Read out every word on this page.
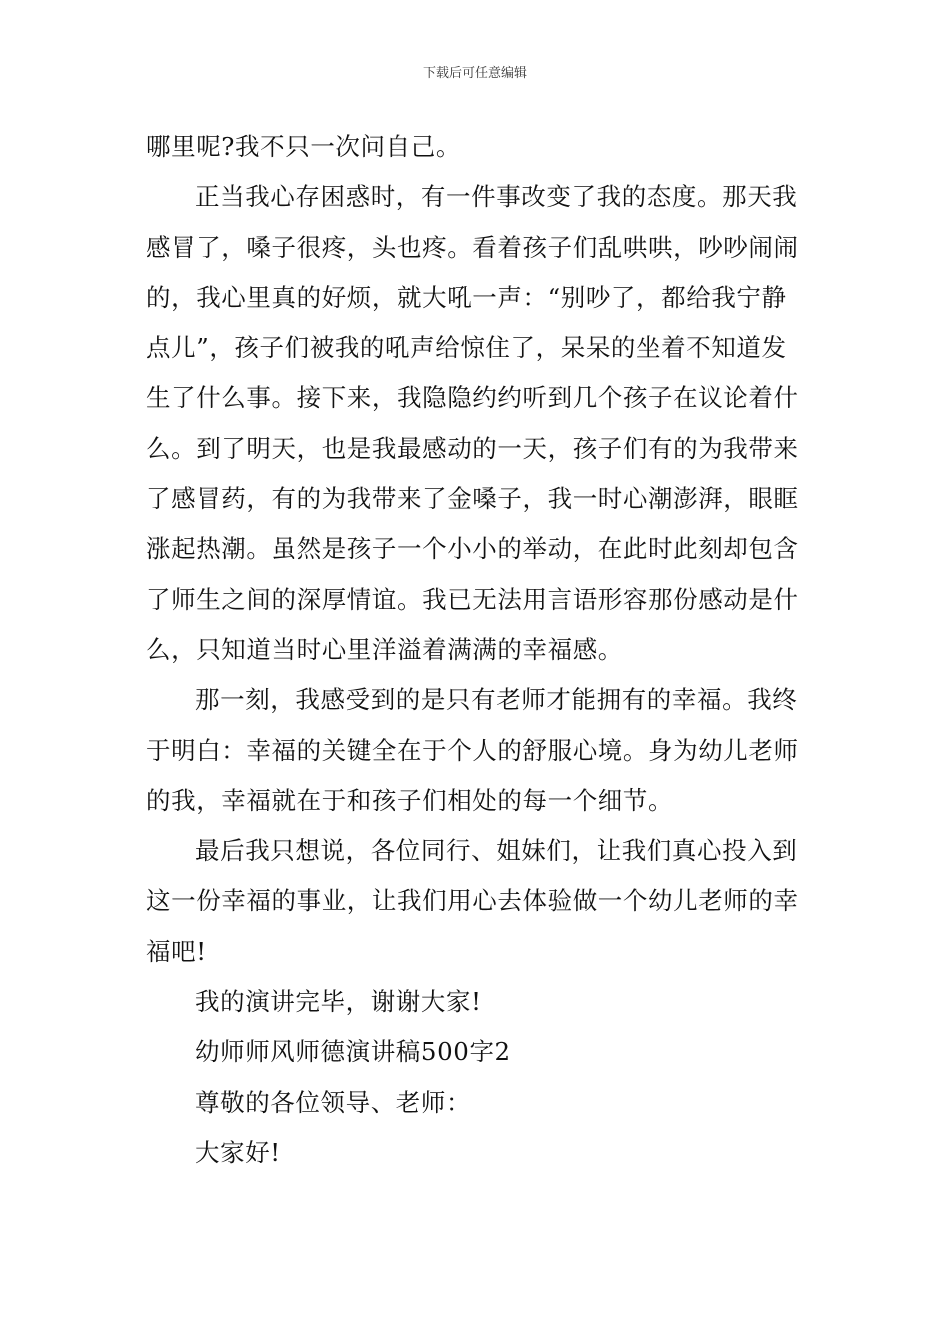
下载后可任意编辑

哪里呢?我不只一次问自己。

正当我心存困惑时，有一件事改变了我的态度。那天我感冒了，嗓子很疼，头也疼。看着孩子们乱哄哄，吵吵闹闹的，我心里真的好烦，就大吼一声：“别吵了，都给我宁静点儿”，孩子们被我的吼声给惊住了，呆呆的坐着不知道发生了什么事。接下来，我隐隐约约听到几个孩子在议论着什么。到了明天，也是我最感动的一天，孩子们有的为我带来了感冒药，有的为我带来了金嗓子，我一时心潮澎湃，眼眶涨起热潮。虽然是孩子一个小小的举动，在此时此刻却包含了师生之间的深厚情谊。我已无法用言语形容那份感动是什么，只知道当时心里洋溢着满满的幸福感。

那一刻，我感受到的是只有老师才能拥有的幸福。我终于明白：幸福的关键全在于个人的舒服心境。身为幼儿老师的我，幸福就在于和孩子们相处的每一个细节。

最后我只想说，各位同行、姐妹们，让我们真心投入到这一份幸福的事业，让我们用心去体验做一个幼儿老师的幸福吧!

我的演讲完毕，谢谢大家!

幼师师风师德演讲稿500字2

尊敬的各位领导、老师：

大家好!
